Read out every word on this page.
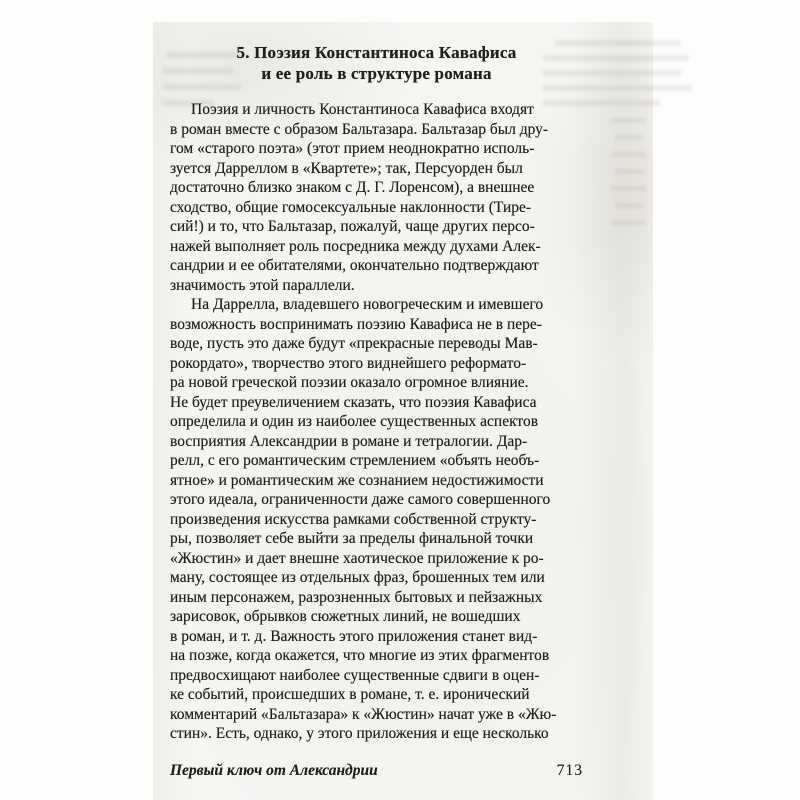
5. Поэзия Константиноса Кавафиса
и ее роль в структуре романа
Поэзия и личность Константиноса Кавафиса входят
в роман вместе с образом Бальтазара. Бальтазар был дру-
гом «старого поэта» (этот прием неоднократно исполь-
зуется Дарреллом в «Квартете»; так, Персуорден был
достаточно близко знаком с Д. Г. Лоренсом), а внешнее
сходство, общие гомосексуальные наклонности (Тире-
сий!) и то, что Бальтазар, пожалуй, чаще других персо-
нажей выполняет роль посредника между духами Алек-
сандрии и ее обитателями, окончательно подтверждают
значимость этой параллели.
На Даррелла, владевшего новогреческим и имевшего
возможность воспринимать поэзию Кавафиса не в пере-
воде, пусть это даже будут «прекрасные переводы Мав-
рокордато», творчество этого виднейшего реформато-
ра новой греческой поэзии оказало огромное влияние.
Не будет преувеличением сказать, что поэзия Кавафиса
определила и один из наиболее существенных аспектов
восприятия Александрии в романе и тетралогии. Дар-
релл, с его романтическим стремлением «объять необъ-
ятное» и романтическим же сознанием недостижимости
этого идеала, ограниченности даже самого совершенного
произведения искусства рамками собственной структу-
ры, позволяет себе выйти за пределы финальной точки
«Жюстин» и дает внешне хаотическое приложение к ро-
ману, состоящее из отдельных фраз, брошенных тем или
иным персонажем, разрозненных бытовых и пейзажных
зарисовок, обрывков сюжетных линий, не вошедших
в роман, и т. д. Важность этого приложения станет вид-
на позже, когда окажется, что многие из этих фрагментов
предвосхищают наиболее существенные сдвиги в оцен-
ке событий, происшедших в романе, т. е. иронический
комментарий «Бальтазара» к «Жюстин» начат уже в «Жю-
стин». Есть, однако, у этого приложения и еще несколько
Первый ключ от Александрии	713
